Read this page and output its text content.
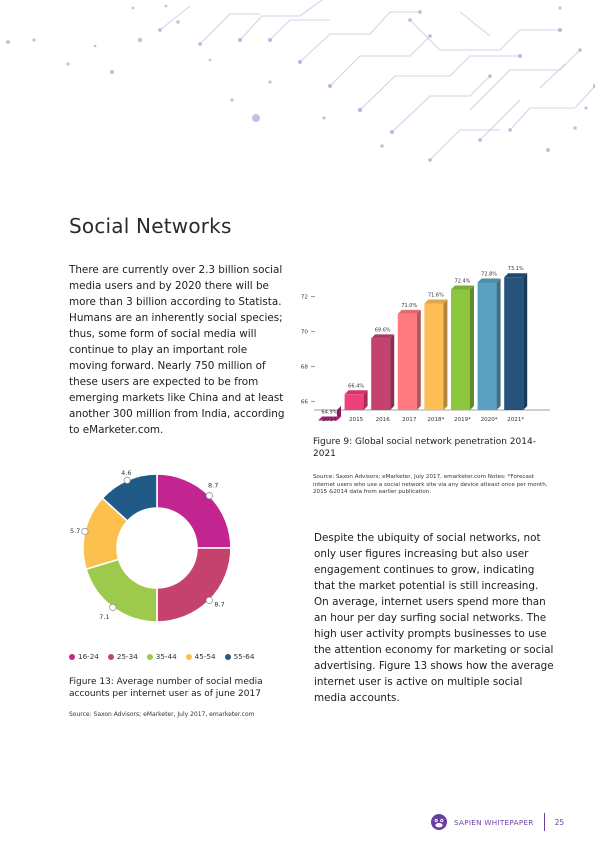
Social Networks

There are currently over 2.3 billion social media users and by 2020 there will be more than 3 billion according to Statista. Humans are an inherently social species; thus, some form of social media will continue to play an important role moving forward. Nearly 750 million of these users are expected to be from emerging markets like China and at least another 300 million from India, according to eMarketer.com.

66
68
70
72
64.9%
2014
66.4%
2015
69.6%
2016
71.0%
2017
71.6%
2018*
72.4%
2019*
72.8%
2020*
73.1%
2021*

Figure 9: Global social network penetration 2014-2021

Source: Saxon Advisors; eMarketer, July 2017, emarketer.com Notes: *Forecast internet users who use a social network site via any device atleast once per month. 2015 &2014 data from earlier publication.

8.7
8.7
7.1
5.7
4.6
16-24	25-34	35-44	45-54	55-64

Figure 13: Average number of social media accounts per internet user as of june 2017

Source: Saxon Advisors; eMarketer, July 2017, emarketer.com

Despite the ubiquity of social networks, not only user figures increasing but also user engagement continues to grow, indicating that the market potential is still increasing. On average, internet users spend more than an hour per day surfing social networks. The high user activity prompts businesses to use the attention economy for marketing or social advertising. Figure 13 shows how the average internet user is active on multiple social media accounts.

SAPIEN WHITEPAPER	25
